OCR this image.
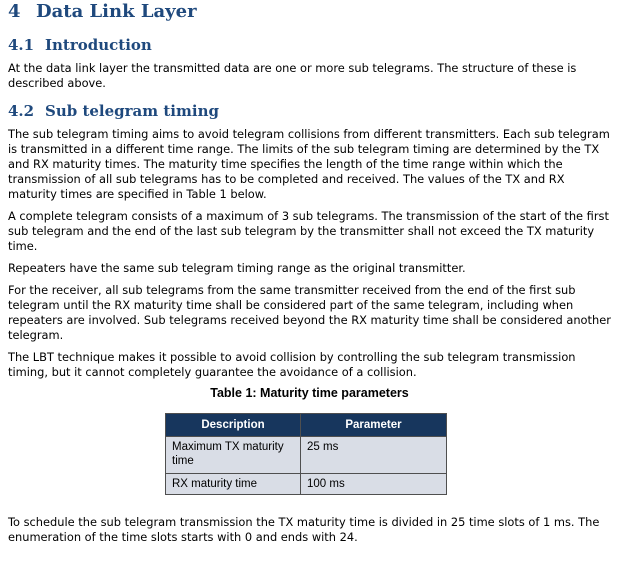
4 Data Link Layer
4.1 Introduction

At the data link layer the transmitted data are one or more sub telegrams. The structure of these is described above.

4.2 Sub telegram timing

The sub telegram timing aims to avoid telegram collisions from different transmitters. Each sub telegram is transmitted in a different time range. The limits of the sub telegram timing are determined by the TX and RX maturity times. The maturity time specifies the length of the time range within which the transmission of all sub telegrams has to be completed and received. The values of the TX and RX maturity times are specified in Table 1 below.

A complete telegram consists of a maximum of 3 sub telegrams. The transmission of the start of the first sub telegram and the end of the last sub telegram by the transmitter shall not exceed the TX maturity time.

Repeaters have the same sub telegram timing range as the original transmitter.

For the receiver, all sub telegrams from the same transmitter received from the end of the first sub telegram until the RX maturity time shall be considered part of the same telegram, including when repeaters are involved. Sub telegrams received beyond the RX maturity time shall be considered another telegram.

The LBT technique makes it possible to avoid collision by controlling the sub telegram transmission timing, but it cannot completely guarantee the avoidance of a collision.

Table 1: Maturity time parameters
Description	Parameter
Maximum TX maturity time	25 ms
RX maturity time	100 ms

To schedule the sub telegram transmission the TX maturity time is divided in 25 time slots of 1 ms. The enumeration of the time slots starts with 0 and ends with 24.
